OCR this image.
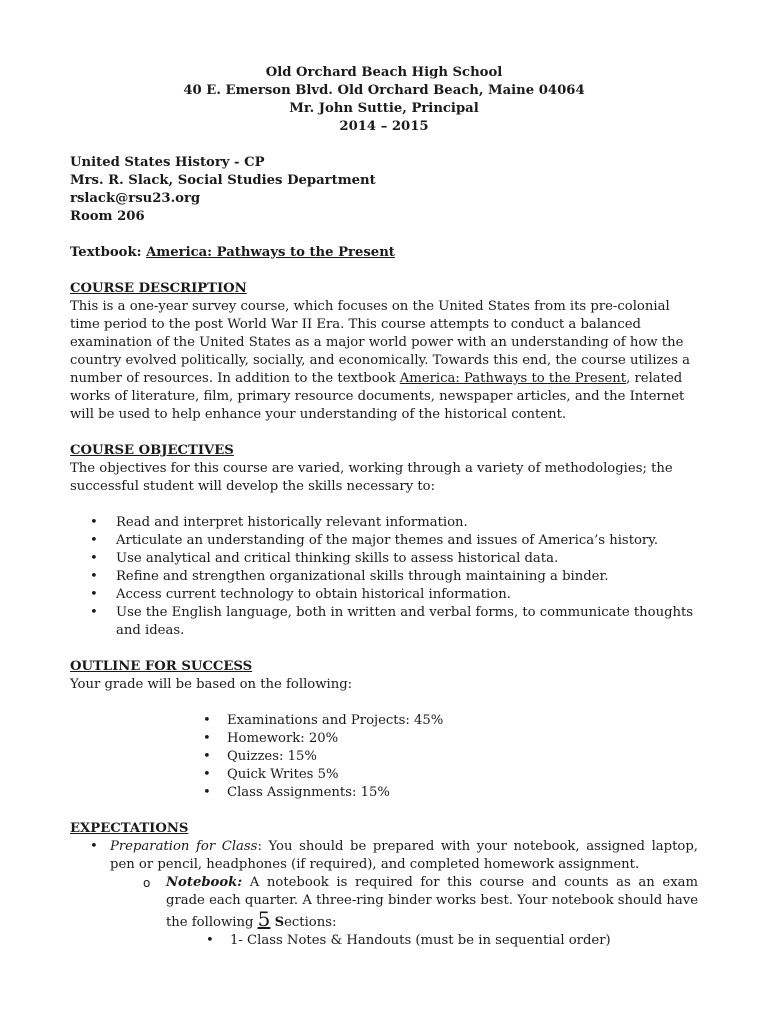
Old Orchard Beach High School
40 E. Emerson Blvd. Old Orchard Beach, Maine 04064
Mr. John Suttie, Principal
2014 – 2015
United States History - CP
Mrs. R. Slack, Social Studies Department
rslack@rsu23.org
Room 206
Textbook: America: Pathways to the Present
COURSE DESCRIPTION

This is a one-year survey course, which focuses on the United States from its pre-colonial time period to the post World War II Era. This course attempts to conduct a balanced examination of the United States as a major world power with an understanding of how the country evolved politically, socially, and economically. Towards this end, the course utilizes a number of resources. In addition to the textbook America: Pathways to the Present, related works of literature, film, primary resource documents, newspaper articles, and the Internet will be used to help enhance your understanding of the historical content.

COURSE OBJECTIVES

The objectives for this course are varied, working through a variety of methodologies; the successful student will develop the skills necessary to:

• Read and interpret historically relevant information.
• Articulate an understanding of the major themes and issues of America’s history.
• Use analytical and critical thinking skills to assess historical data.
• Refine and strengthen organizational skills through maintaining a binder.
• Access current technology to obtain historical information.
• Use the English language, both in written and verbal forms, to communicate thoughts and ideas.
OUTLINE FOR SUCCESS

Your grade will be based on the following:

• Examinations and Projects: 45%
• Homework: 20%
• Quizzes: 15%
• Quick Writes 5%
• Class Assignments: 15%
EXPECTATIONS
• Preparation for Class: You should be prepared with your notebook, assigned laptop, pen or pencil, headphones (if required), and completed homework assignment.
o Notebook: A notebook is required for this course and counts as an exam grade each quarter. A three-ring binder works best. Your notebook should have the following 5 Sections:
• 1- Class Notes & Handouts (must be in sequential order)
